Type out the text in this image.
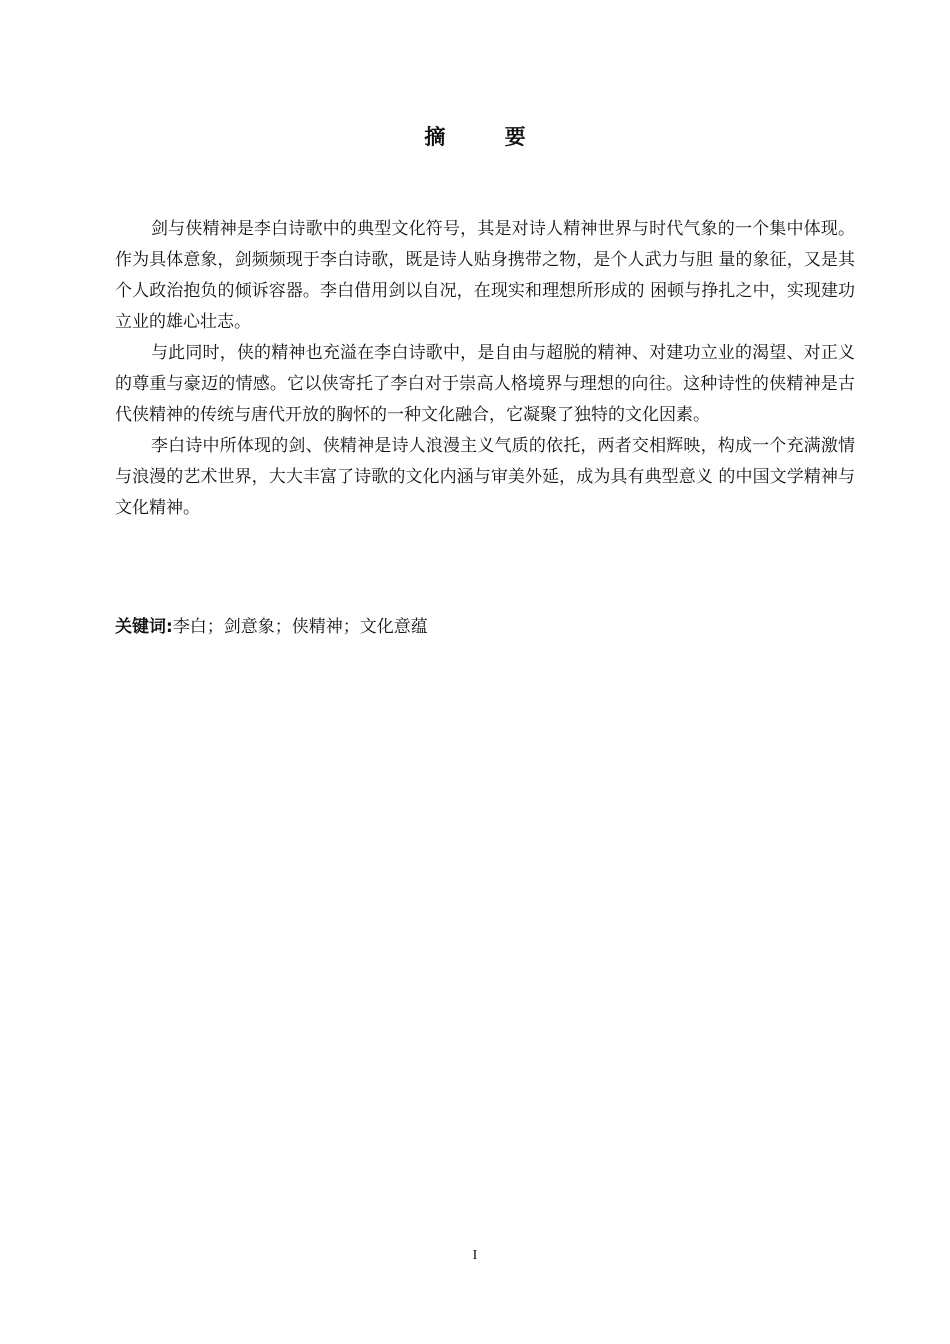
摘 要

剑与侠精神是李白诗歌中的典型文化符号，其是对诗人精神世界与时代气象的一个集中体现。作为具体意象，剑频频现于李白诗歌，既是诗人贴身携带之物，是个人武力与胆 量的象征，又是其个人政治抱负的倾诉容器。李白借用剑以自况，在现实和理想所形成的 困顿与挣扎之中，实现建功立业的雄心壮志。

与此同时，侠的精神也充溢在李白诗歌中，是自由与超脱的精神、对建功立业的渴望、对正义的尊重与豪迈的情感。它以侠寄托了李白对于崇高人格境界与理想的向往。这种诗性的侠精神是古代侠精神的传统与唐代开放的胸怀的一种文化融合，它凝聚了独特的文化因素。

李白诗中所体现的剑、侠精神是诗人浪漫主义气质的依托，两者交相辉映，构成一个充满激情与浪漫的艺术世界，大大丰富了诗歌的文化内涵与审美外延，成为具有典型意义 的中国文学精神与文化精神。

关键词:李白；剑意象；侠精神；文化意蕴

I
